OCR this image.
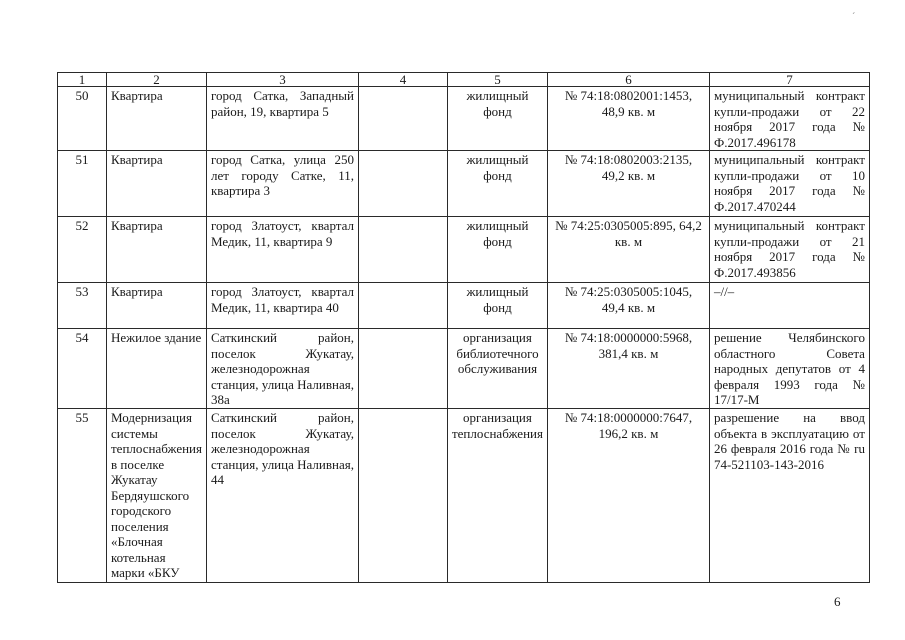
´
1	2	3	4	5	6	7
50	Квартира	город Сатка, Западный район, 19, квартира 5		жилищный фонд	№ 74:18:0802001:1453, 48,9 кв. м	муниципальный контракт купли-продажи от 22 ноября 2017 года № Ф.2017.496178
51	Квартира	город Сатка, улица 250 лет городу Сатке, 11, квартира 3		жилищный фонд	№ 74:18:0802003:2135, 49,2 кв. м	муниципальный контракт купли-продажи от 10 ноября 2017 года № Ф.2017.470244
52	Квартира	город Златоуст, квартал Медик, 11, квартира 9		жилищный фонд	№ 74:25:0305005:895, 64,2 кв. м	муниципальный контракт купли-продажи от 21 ноября 2017 года № Ф.2017.493856
53	Квартира	город Златоуст, квартал Медик, 11, квартира 40		жилищный фонд	№ 74:25:0305005:1045, 49,4 кв. м	–//–
54	Нежилое здание	Саткинский район, поселок Жукатау, железнодорожная станция, улица Наливная, 38а		организация библиотечного обслуживания	№ 74:18:0000000:5968, 381,4 кв. м	решение Челябинского областного Совета народных депутатов от 4 февраля 1993 года № 17/17-М
55	Модернизация системы теплоснабжения в поселке Жукатау Бердяушского городского поселения «Блочная котельная марки «БКУ	Саткинский район, поселок Жукатау, железнодорожная станция, улица Наливная, 44		организация теплоснабжения	№ 74:18:0000000:7647, 196,2 кв. м	разрешение на ввод объекта в эксплуатацию от 26 февраля 2016 года № ru 74-521103-143-2016
6
